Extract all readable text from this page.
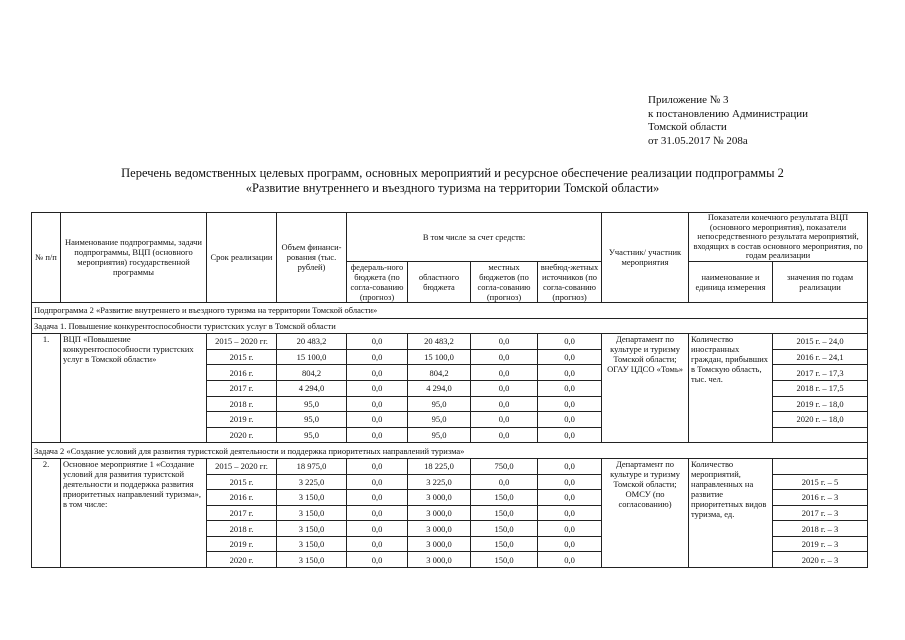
Приложение № 3
к постановлению Администрации
Томской области
от 31.05.2017 № 208а
Перечень ведомственных целевых программ, основных мероприятий и ресурсное обеспечение реализации подпрограммы 2
«Развитие внутреннего и въездного туризма на территории Томской области»
№ п/п	Наименование подпрограммы, задачи подпрограммы, ВЦП (основного мероприятия) государственной программы	Срок реализации	Объем финанси-рования (тыс. рублей)	В том числе за счет средств:				Участник/ участник мероприятия	Показатели конечного результата ВЦП (основного мероприятия), показатели непосредственного результата мероприятий, входящих в состав основного мероприятия, по годам реализации	
				федераль-ного бюджета (по согла-сованию (прогноз)	областного бюджета	местных бюджетов (по согла-сованию (прогноз)	внебюд-жетных источников (по согла-сованию (прогноз)		наименование и единица измерения	значения по годам реализации
Подпрограмма 2 «Развитие внутреннего и въездного туризма на территории Томской области»										
Задача 1. Повышение конкурентоспособности туристских услуг в Томской области										
1.	ВЦП «Повышение конкурентоспособности туристских услуг в Томской области»	2015 – 2020 гг.	20 483,2	0,0	20 483,2	0,0	0,0	Департамент по культуре и туризму Томской области; ОГАУ ЦДСО «Томь»	Количество иностранных граждан, прибывших в Томскую область, тыс. чел.	2015 г. – 24,0
		2015 г.	15 100,0	0,0	15 100,0	0,0	0,0			2016 г. – 24,1
		2016 г.	804,2	0,0	804,2	0,0	0,0			2017 г. – 17,3
		2017 г.	4 294,0	0,0	4 294,0	0,0	0,0			2018 г. – 17,5
		2018 г.	95,0	0,0	95,0	0,0	0,0			2019 г. – 18,0
		2019 г.	95,0	0,0	95,0	0,0	0,0			2020 г. – 18,0
		2020 г.	95,0	0,0	95,0	0,0	0,0			
Задача 2 «Создание условий для развития туристской деятельности и поддержка приоритетных направлений туризма»										
2.	Основное мероприятие 1 «Создание условий для развития туристской деятельности и поддержка развития приоритетных направлений туризма», в том числе:	2015 – 2020 гг.	18 975,0	0,0	18 225,0	750,0	0,0	Департамент по культуре и туризму Томской области; ОМСУ (по согласованию)	Количество мероприятий, направленных на развитие приоритетных видов туризма, ед.	
		2015 г.	3 225,0	0,0	3 225,0	0,0	0,0			2015 г. – 5
		2016 г.	3 150,0	0,0	3 000,0	150,0	0,0			2016 г. – 3
		2017 г.	3 150,0	0,0	3 000,0	150,0	0,0			2017 г. – 3
		2018 г.	3 150,0	0,0	3 000,0	150,0	0,0			2018 г. – 3
		2019 г.	3 150,0	0,0	3 000,0	150,0	0,0			2019 г. – 3
		2020 г.	3 150,0	0,0	3 000,0	150,0	0,0			2020 г. – 3
